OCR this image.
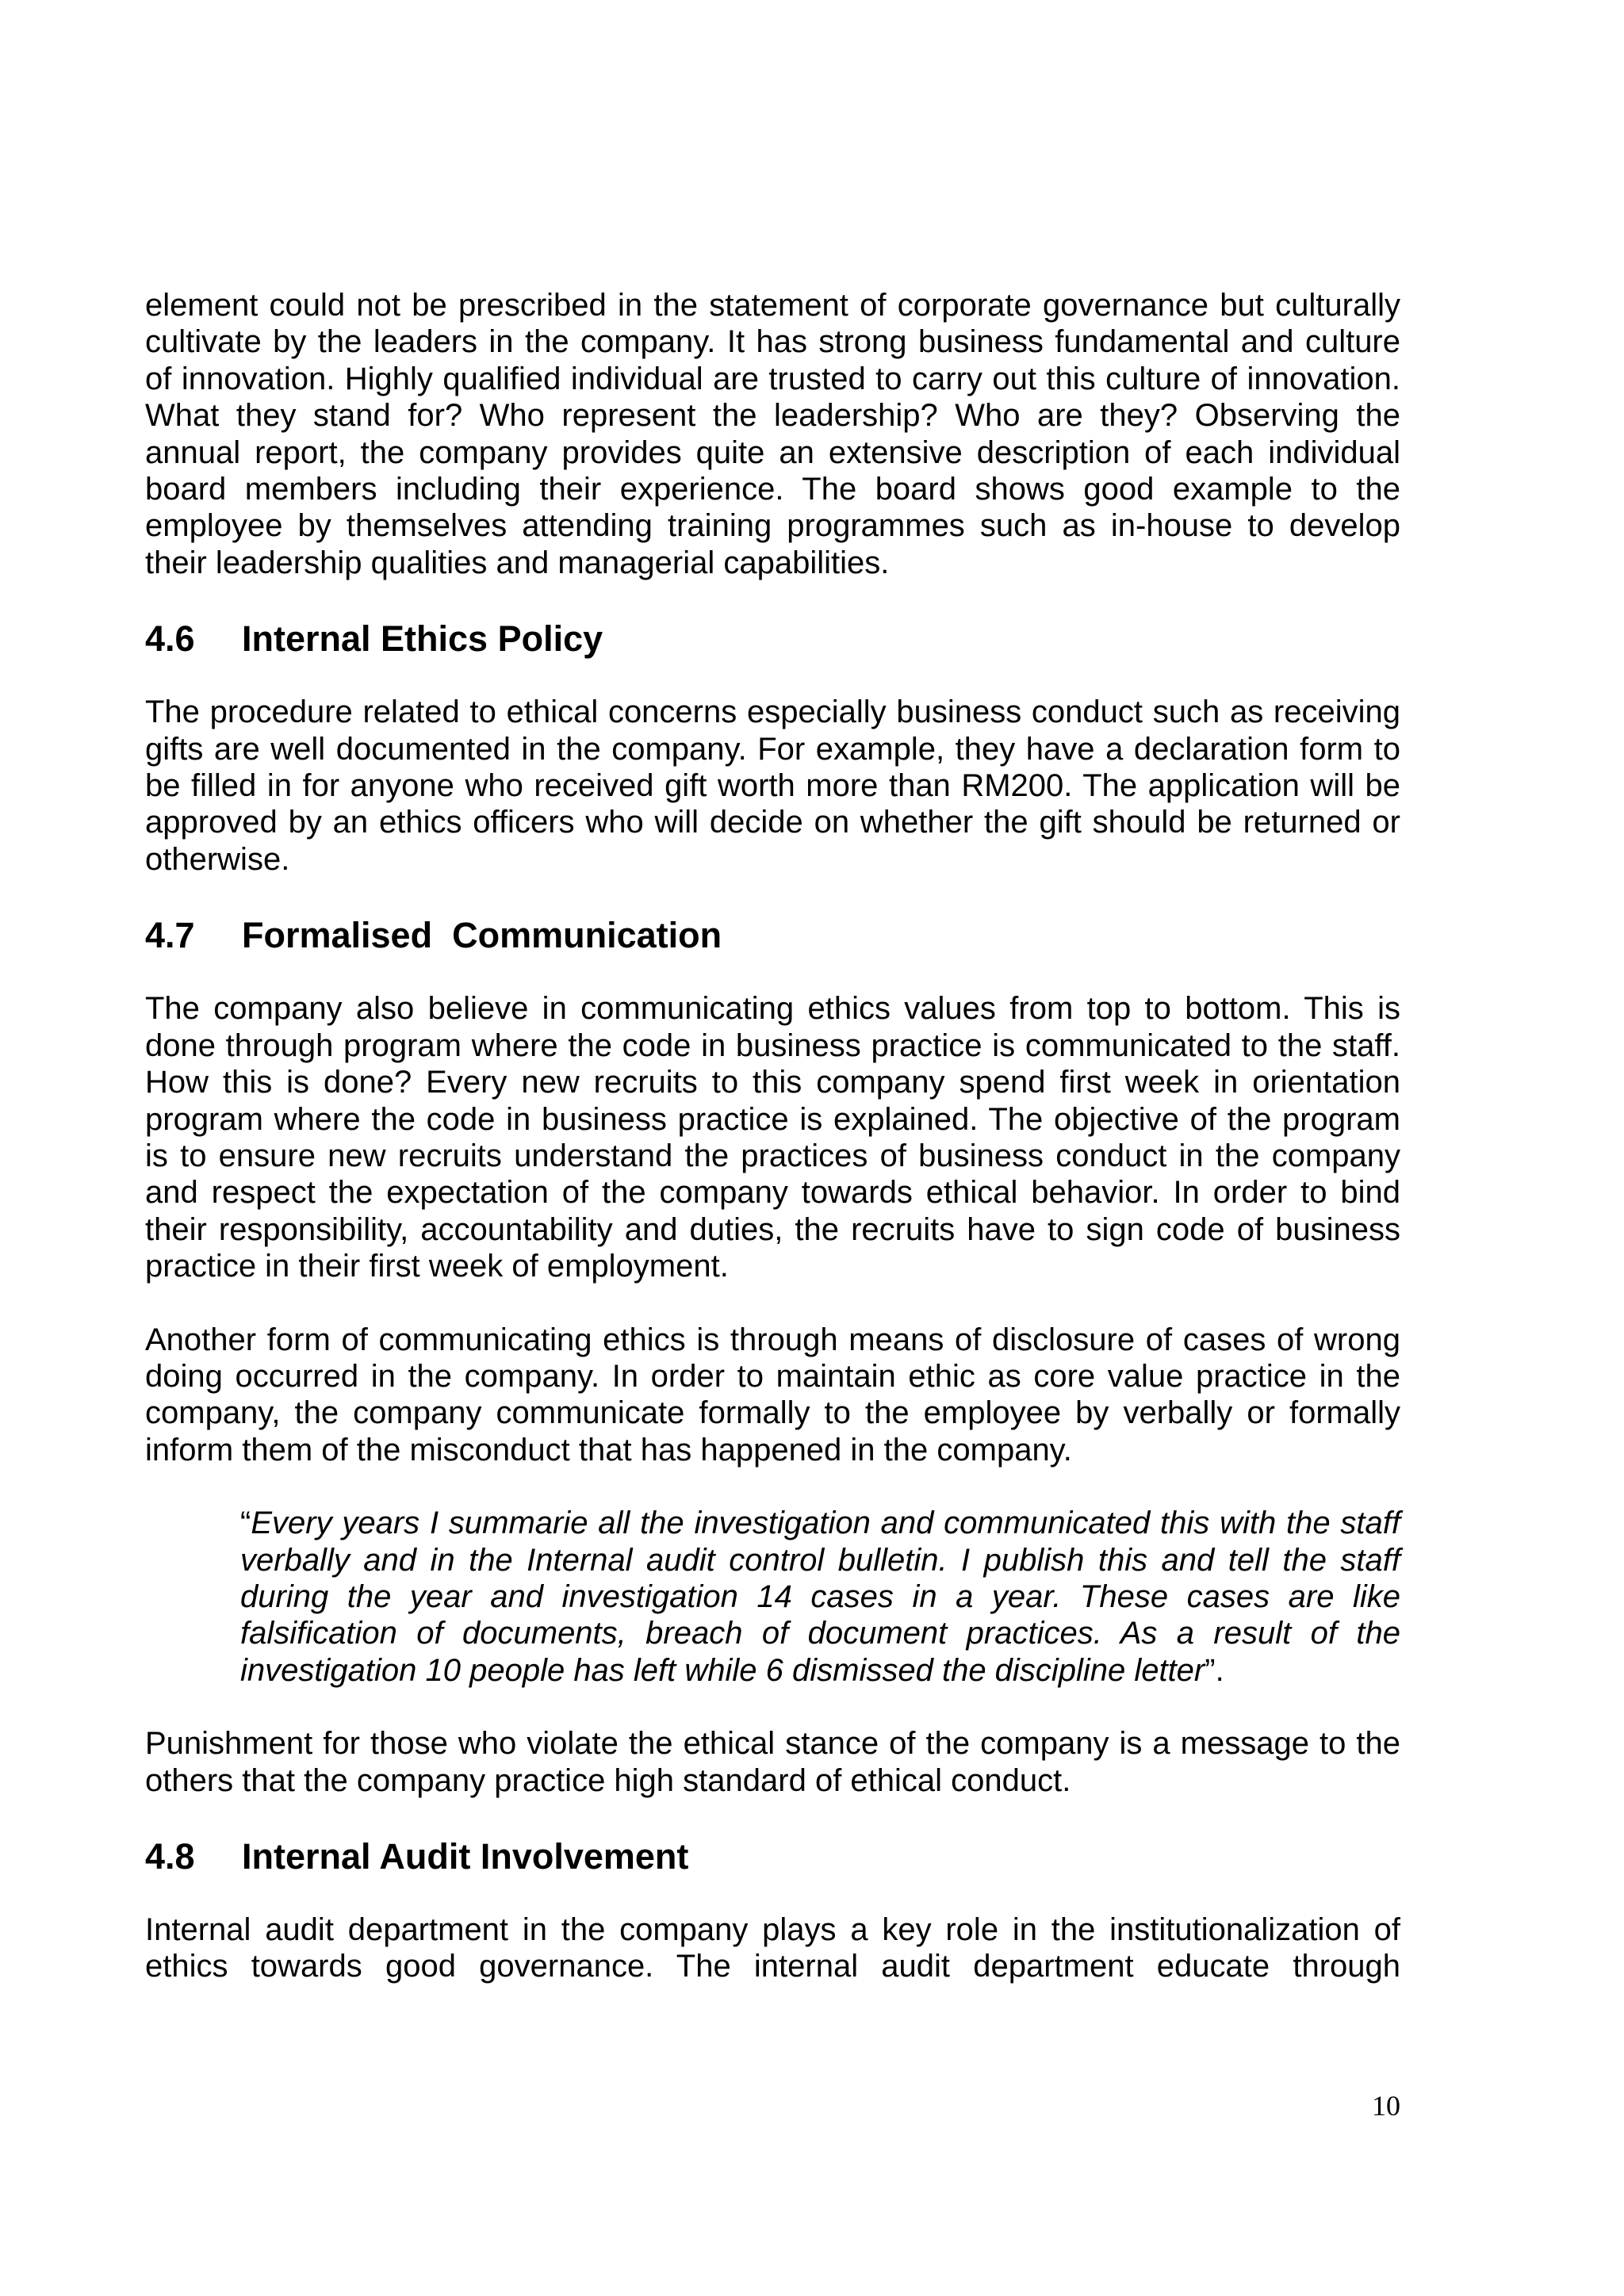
element could not be prescribed in the statement of corporate governance but culturally cultivate by the leaders in the company. It has strong business fundamental and culture of innovation. Highly qualified individual are trusted to carry out this culture of innovation. What they stand for? Who represent the leadership? Who are they? Observing the annual report, the company provides quite an extensive description of each individual board members including their experience. The board shows good example to the employee by themselves attending training programmes such as in-house to develop their leadership qualities and managerial capabilities.

4.6	Internal Ethics Policy

The procedure related to ethical concerns especially business conduct such as receiving gifts are well documented in the company. For example, they have a declaration form to be filled in for anyone who received gift worth more than RM200. The application will be approved by an ethics officers who will decide on whether the gift should be returned or otherwise.

4.7	Formalised  Communication

The company also believe in communicating ethics values from top to bottom. This is done through program where the code in business practice is communicated to the staff. How this is done? Every new recruits to this company spend first week in orientation program where the code in business practice is explained. The objective of the program is to ensure new recruits understand the practices of business conduct in the company and respect the expectation of the company towards ethical behavior. In order to bind their responsibility, accountability and duties, the recruits have to sign code of business practice in their first week of employment.

Another form of communicating ethics is through means of disclosure of cases of wrong doing occurred in the company. In order to maintain ethic as core value practice in the company, the company communicate formally to the employee by verbally or formally inform them of the misconduct that has happened in the company.

“Every years I summarie all the investigation and communicated this with the staff verbally and in the Internal audit control bulletin. I publish this and tell the staff during the year and investigation 14 cases in a year. These cases are like falsification of documents, breach of document practices. As a result of the investigation 10 people has left while 6 dismissed the discipline letter”.

Punishment for those who violate the ethical stance of the company is a message to the others that the company practice high standard of ethical conduct.

4.8	Internal Audit Involvement

Internal audit department in the company plays a key role in the institutionalization of ethics towards good governance. The internal audit department educate through

10
